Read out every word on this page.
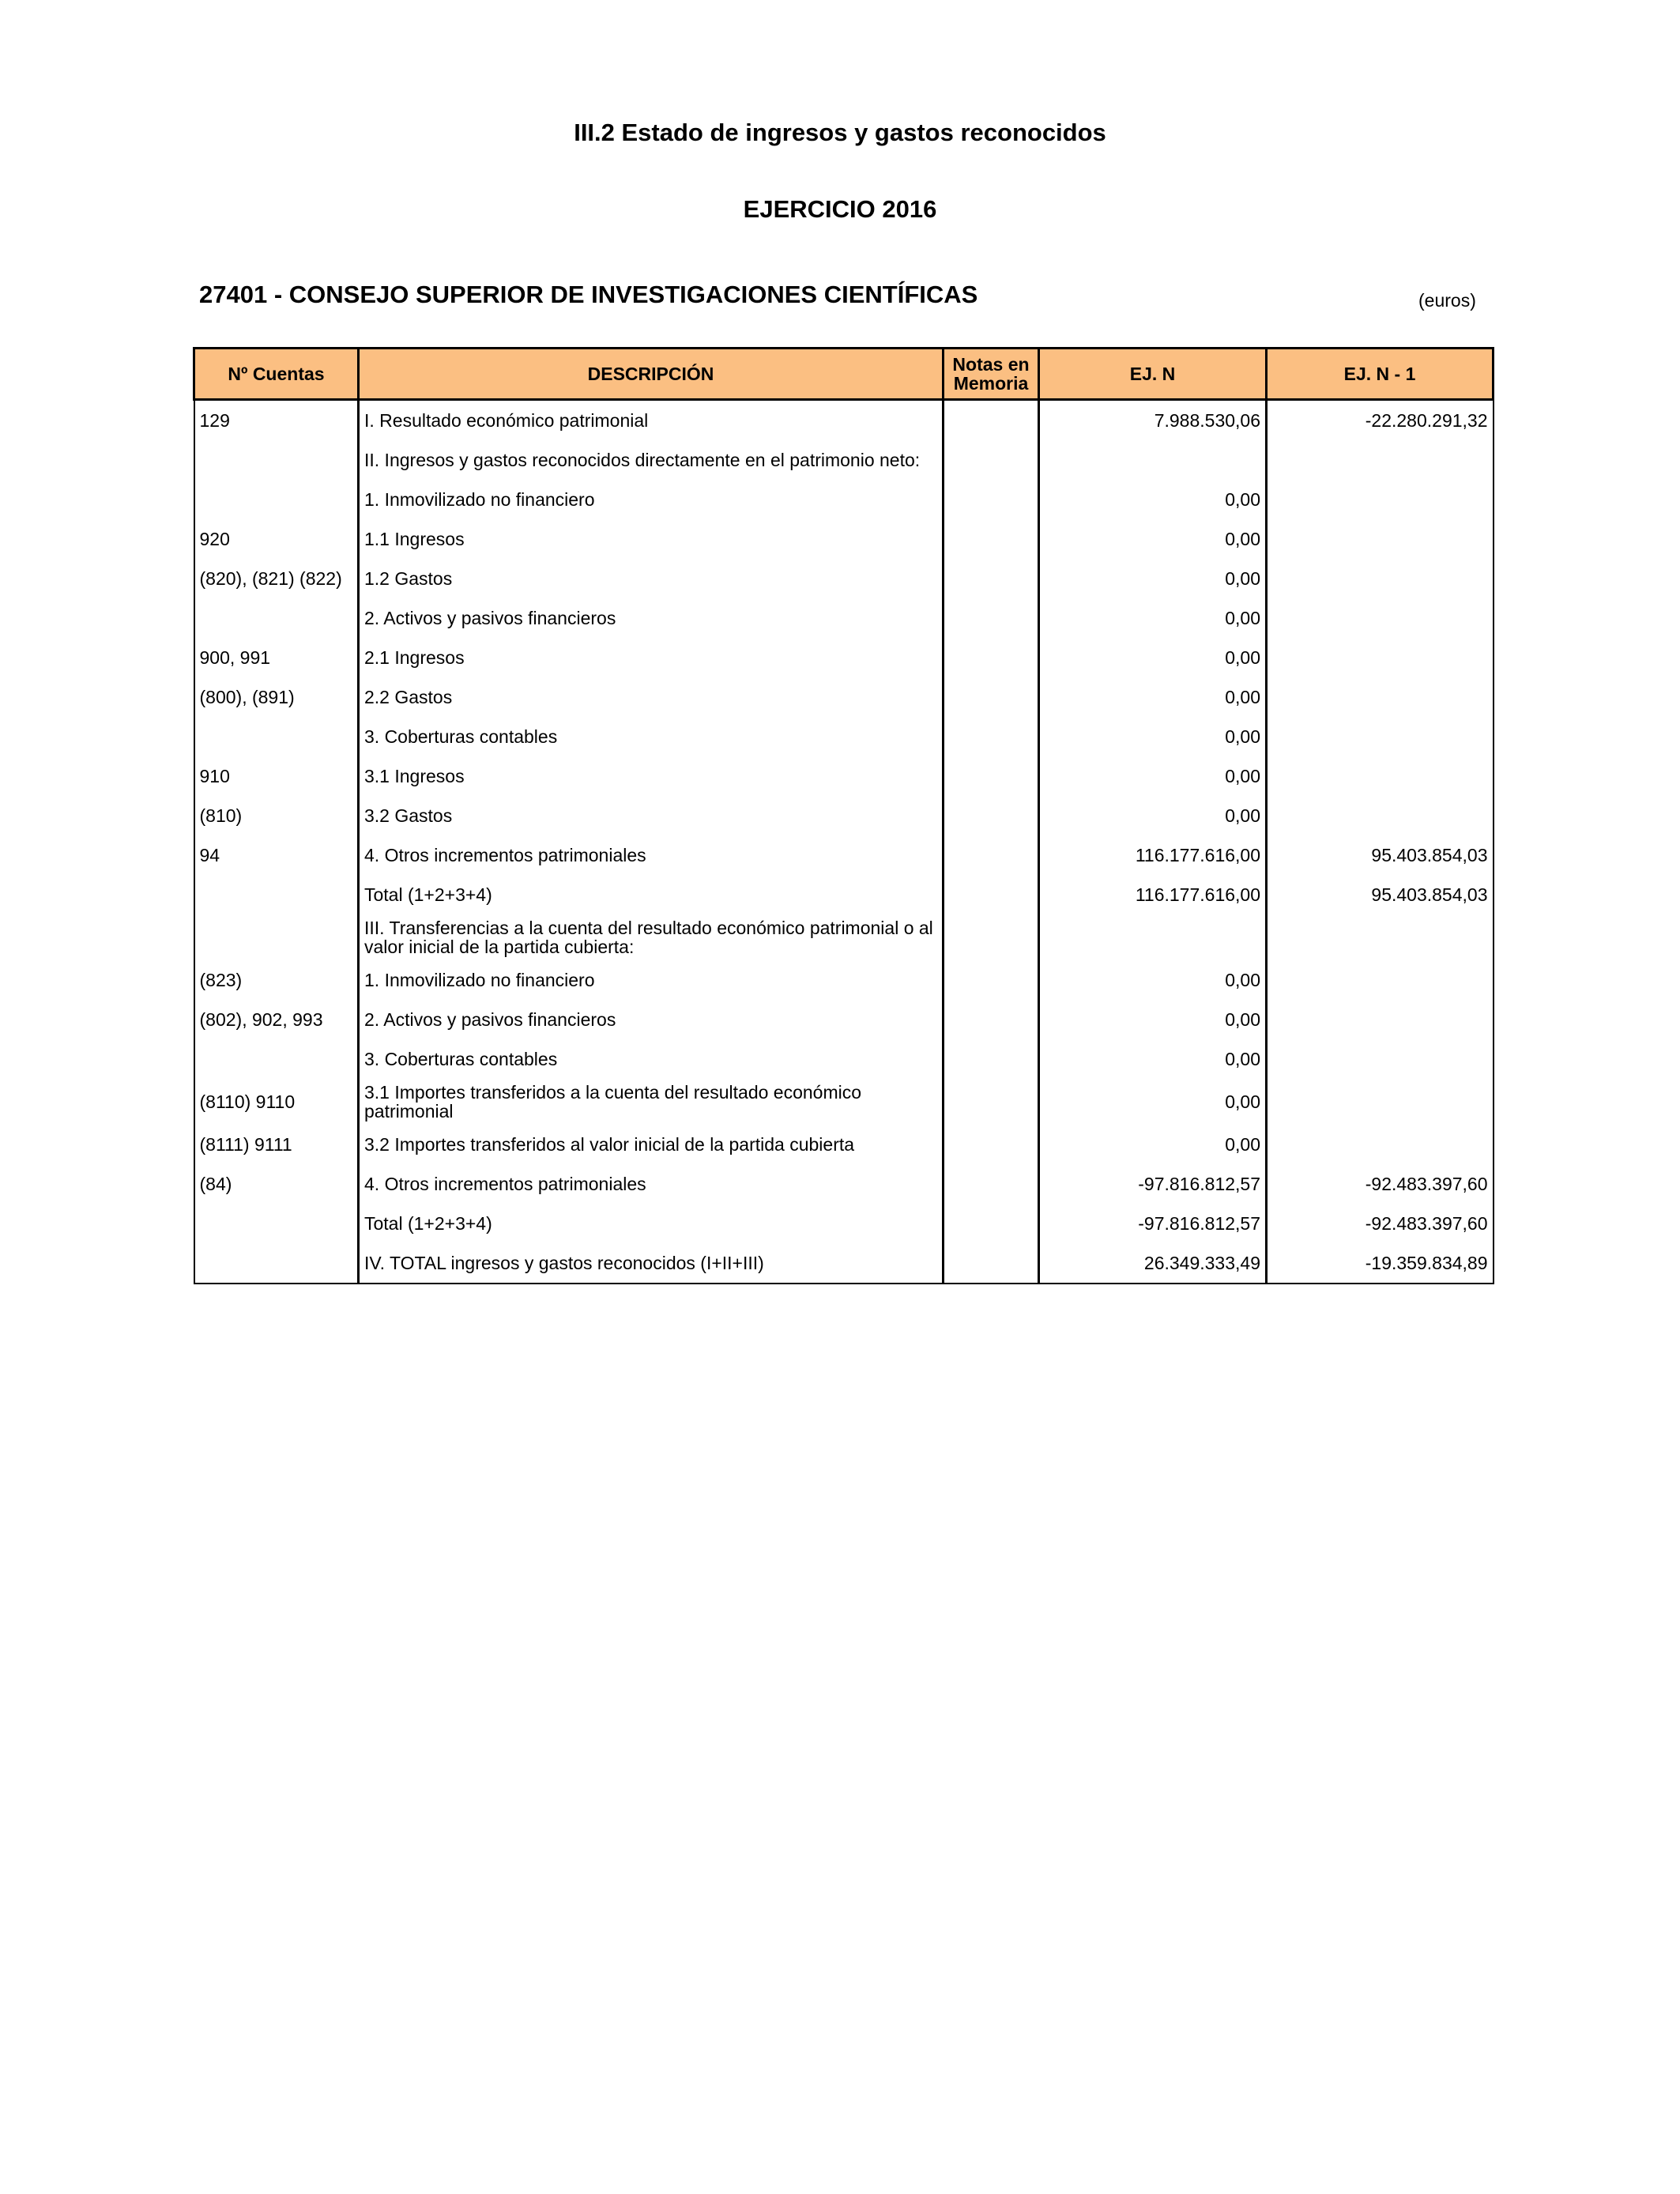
III.2 Estado de ingresos y gastos reconocidos
EJERCICIO 2016
27401 - CONSEJO SUPERIOR DE INVESTIGACIONES CIENTÍFICAS	(euros)
Nº Cuentas	DESCRIPCIÓN	Notas en Memoria	EJ. N	EJ. N - 1
129	I. Resultado económico patrimonial		7.988.530,06	-22.280.291,32
	II. Ingresos y gastos reconocidos directamente en el patrimonio neto:			
	1. Inmovilizado no financiero		0,00	
920	1.1 Ingresos		0,00	
(820), (821) (822)	1.2 Gastos		0,00	
	2. Activos y pasivos financieros		0,00	
900, 991	2.1 Ingresos		0,00	
(800), (891)	2.2 Gastos		0,00	
	3. Coberturas contables		0,00	
910	3.1 Ingresos		0,00	
(810)	3.2 Gastos		0,00	
94	4. Otros incrementos patrimoniales		116.177.616,00	95.403.854,03
	Total (1+2+3+4)		116.177.616,00	95.403.854,03
	III. Transferencias a la cuenta del resultado económico patrimonial o al valor inicial de la partida cubierta:			
(823)	1. Inmovilizado no financiero		0,00	
(802), 902, 993	2. Activos y pasivos financieros		0,00	
	3. Coberturas contables		0,00	
(8110) 9110	3.1 Importes transferidos a la cuenta del resultado económico patrimonial		0,00	
(8111) 9111	3.2 Importes transferidos al valor inicial de la partida cubierta		0,00	
(84)	4. Otros incrementos patrimoniales		-97.816.812,57	-92.483.397,60
	Total (1+2+3+4)		-97.816.812,57	-92.483.397,60
	IV. TOTAL ingresos y gastos reconocidos (I+II+III)		26.349.333,49	-19.359.834,89
